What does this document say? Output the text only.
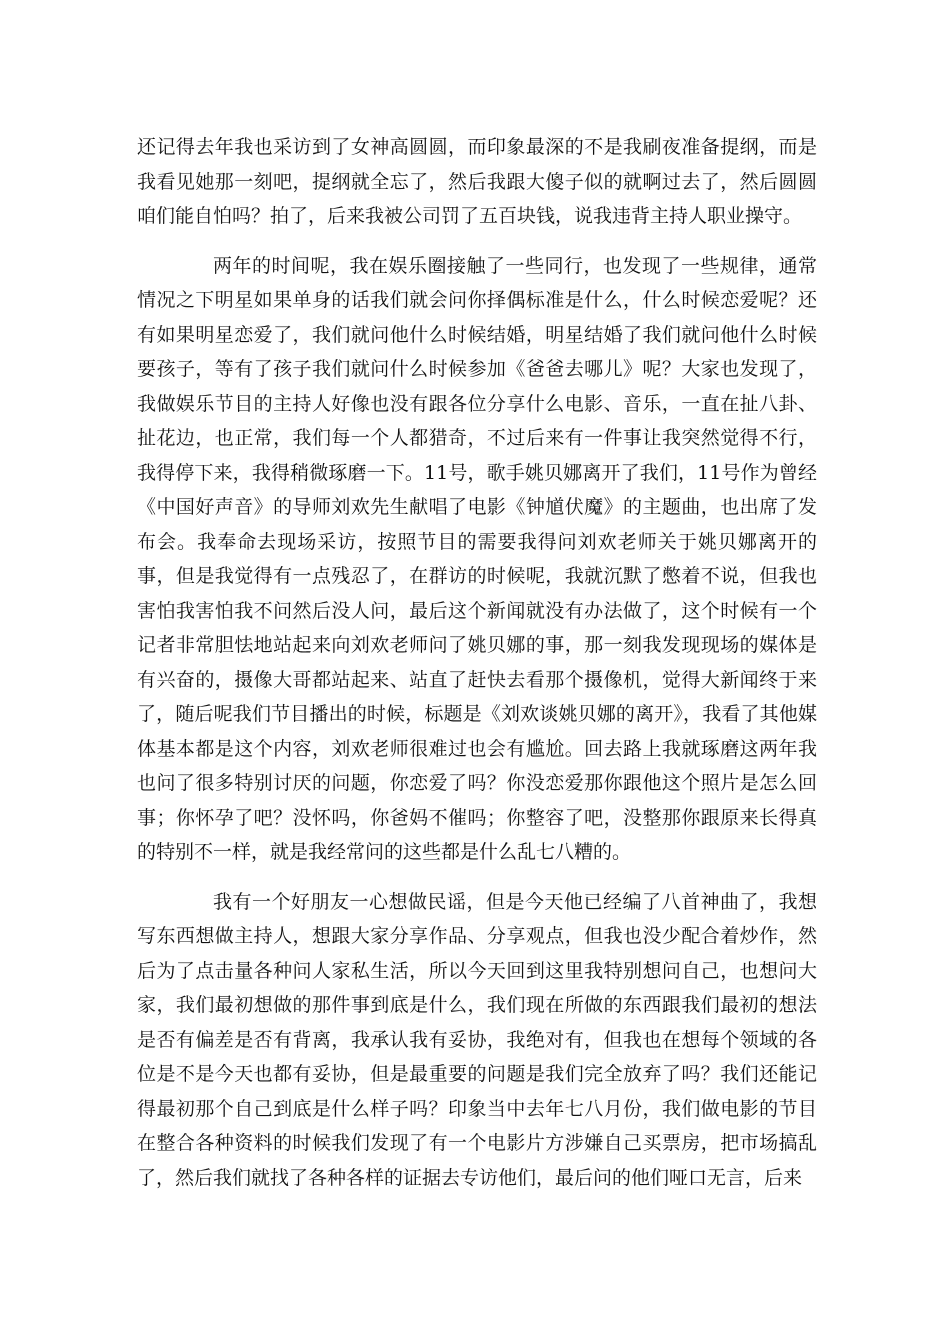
还记得去年我也采访到了女神高圆圆，而印象最深的不是我刷夜准备提纲，而是我看见她那一刻吧，提纲就全忘了，然后我跟大傻子似的就啊过去了，然后圆圆咱们能自怕吗？拍了，后来我被公司罚了五百块钱，说我违背主持人职业操守。

两年的时间呢，我在娱乐圈接触了一些同行，也发现了一些规律，通常情况之下明星如果单身的话我们就会问你择偶标准是什么，什么时候恋爱呢？还有如果明星恋爱了，我们就问他什么时候结婚，明星结婚了我们就问他什么时候要孩子，等有了孩子我们就问什么时候参加《爸爸去哪儿》呢？大家也发现了，我做娱乐节目的主持人好像也没有跟各位分享什么电影、音乐，一直在扯八卦、扯花边，也正常，我们每一个人都猎奇，不过后来有一件事让我突然觉得不行，我得停下来，我得稍微琢磨一下。11号，歌手姚贝娜离开了我们，11号作为曾经《中国好声音》的导师刘欢先生献唱了电影《钟馗伏魔》的主题曲，也出席了发布会。我奉命去现场采访，按照节目的需要我得问刘欢老师关于姚贝娜离开的事，但是我觉得有一点残忍了，在群访的时候呢，我就沉默了憋着不说，但我也害怕我害怕我不问然后没人问，最后这个新闻就没有办法做了，这个时候有一个记者非常胆怯地站起来向刘欢老师问了姚贝娜的事，那一刻我发现现场的媒体是有兴奋的，摄像大哥都站起来、站直了赶快去看那个摄像机，觉得大新闻终于来了，随后呢我们节目播出的时候，标题是《刘欢谈姚贝娜的离开》，我看了其他媒体基本都是这个内容，刘欢老师很难过也会有尴尬。回去路上我就琢磨这两年我也问了很多特别讨厌的问题，你恋爱了吗？你没恋爱那你跟他这个照片是怎么回事；你怀孕了吧？没怀吗，你爸妈不催吗；你整容了吧，没整那你跟原来长得真的特别不一样，就是我经常问的这些都是什么乱七八糟的。

我有一个好朋友一心想做民谣，但是今天他已经编了八首神曲了，我想写东西想做主持人，想跟大家分享作品、分享观点，但我也没少配合着炒作，然后为了点击量各种问人家私生活，所以今天回到这里我特别想问自己，也想问大家，我们最初想做的那件事到底是什么，我们现在所做的东西跟我们最初的想法是否有偏差是否有背离，我承认我有妥协，我绝对有，但我也在想每个领域的各位是不是今天也都有妥协，但是最重要的问题是我们完全放弃了吗？我们还能记得最初那个自己到底是什么样子吗？印象当中去年七八月份，我们做电影的节目在整合各种资料的时候我们发现了有一个电影片方涉嫌自己买票房，把市场搞乱了，然后我们就找了各种各样的证据去专访他们，最后问的他们哑口无言，后来
